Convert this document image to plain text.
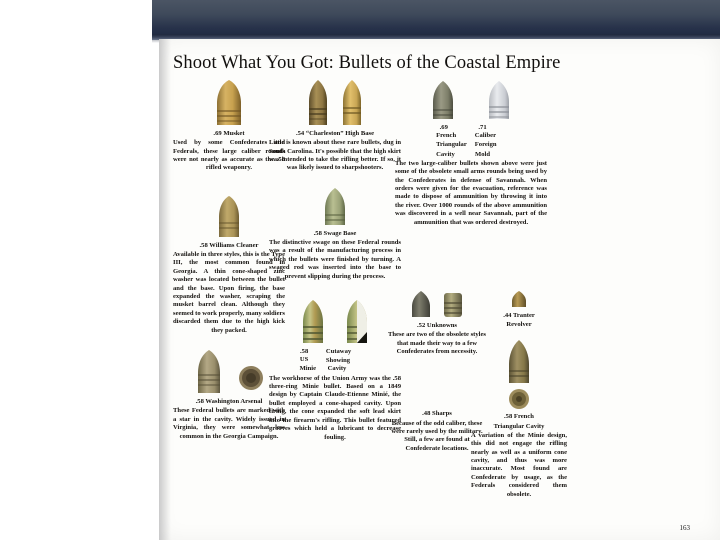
Shoot What You Got: Bullets of the Coastal Empire
.69 Musket
Used by some Confederates and Federals, these large caliber rounds were not nearly as accurate as the .58 rifled weaponry.
.58 Williams Cleaner
Available in three styles, this is the Type III, the most common found in Georgia. A thin cone-shaped zinc washer was located between the bullet and the base. Upon firing, the base expanded the washer, scraping the musket barrel clean. Although they seemed to work properly, many soldiers discarded them due to the high kick they packed.
.58 Washington Arsenal
These Federal bullets are marked with a star in the cavity. Widely issued in Virginia, they were somewhat less common in the Georgia Campaign.
.54 “Charleston” High Base
Little is known about these rare bullets, dug in South Carolina. It's possible that the high skirt was intended to take the rifling better. If so, it was likely issued to sharpshooters.
.58 Swage Base
The distinctive swage on these Federal rounds was a result of the manufacturing process in which the bullets were finished by turning. A swaged rod was inserted into the base to prevent slipping during the process.
.58 US
Minie
Cutaway
Showing Cavity
The workhorse of the Union Army was the .58 three-ring Minie bullet. Based on a 1849 design by Captain Claude-Etienne Minié, the bullet employed a cone-shaped cavity. Upon firing, the cone expanded the soft lead skirt into the firearm's rifling. This bullet featured grooves which held a lubricant to decrease fouling.
.69 French
Triangular
Cavity
.71 Caliber
Foreign
Mold
The two large-caliber bullets shown above were just some of the obsolete small arms rounds being used by the Confederates in defense of Savannah. When orders were given for the evacuation, reference was made to dispose of ammunition by throwing it into the river. Over 1000 rounds of the above ammunition was discovered in a well near Savannah, part of the ammunition that was ordered destroyed.
.52 Unknowns
These are two of the obsolete styles that made their way to a few Confederates from necessity.
.48 Sharps
Because of the odd caliber, these were rarely used by the military. Still, a few are found at Confederate locations.
.44 Tranter
Revolver
.58 French
Triangular Cavity
A variation of the Minie design, this did not engage the rifling nearly as well as a uniform cone cavity, and thus was more inaccurate. Most found are Confederate by usage, as the Federals considered them obsolete.
163
